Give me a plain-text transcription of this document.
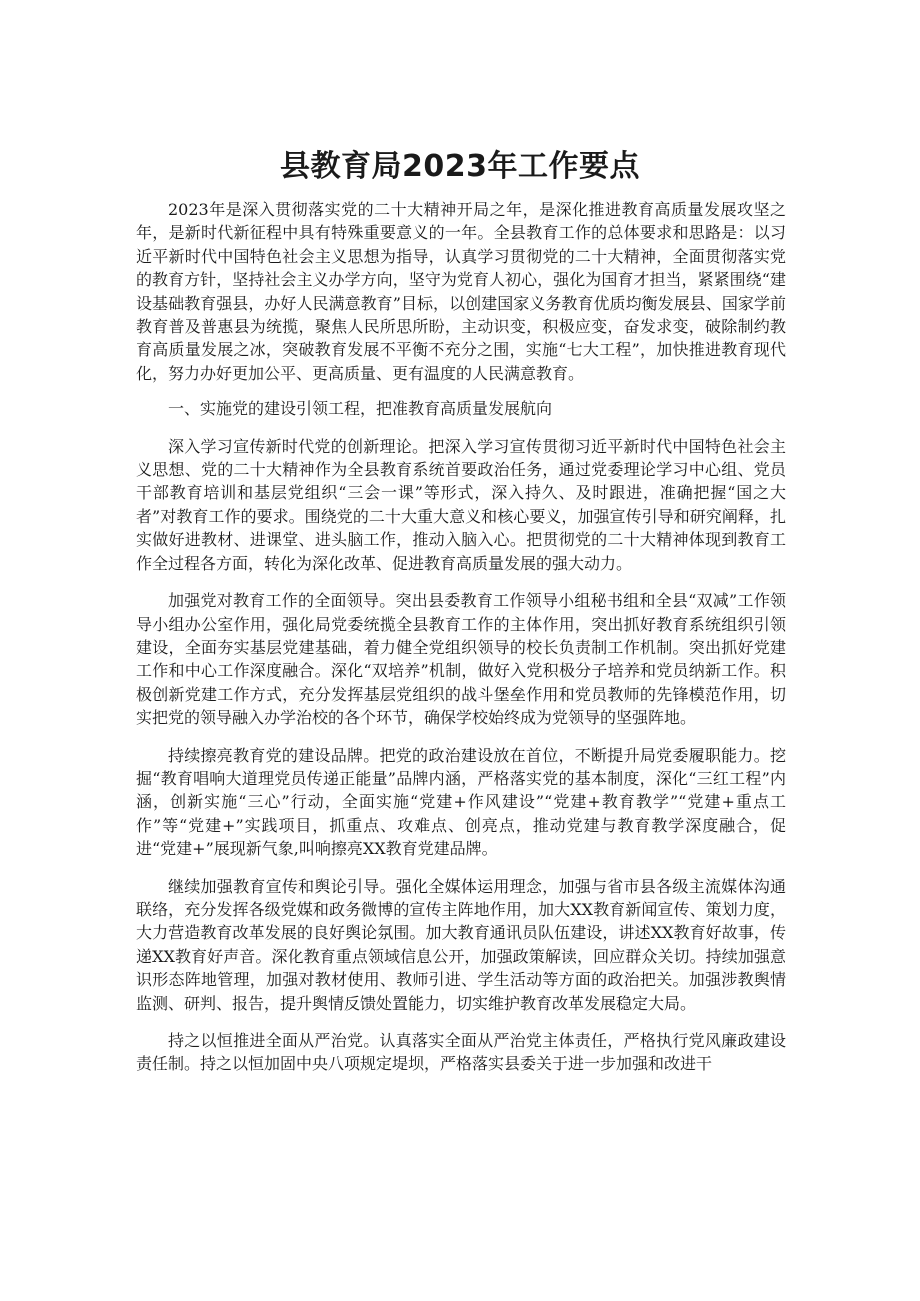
县教育局2023年工作要点

2023年是深入贯彻落实党的二十大精神开局之年，是深化推进教育高质量发展攻坚之年，是新时代新征程中具有特殊重要意义的一年。全县教育工作的总体要求和思路是：以习近平新时代中国特色社会主义思想为指导，认真学习贯彻党的二十大精神，全面贯彻落实党的教育方针，坚持社会主义办学方向，坚守为党育人初心，强化为国育才担当，紧紧围绕“建设基础教育强县，办好人民满意教育”目标，以创建国家义务教育优质均衡发展县、国家学前教育普及普惠县为统揽，聚焦人民所思所盼，主动识变，积极应变，奋发求变，破除制约教育高质量发展之冰，突破教育发展不平衡不充分之围，实施“七大工程”，加快推进教育现代化，努力办好更加公平、更高质量、更有温度的人民满意教育。

一、实施党的建设引领工程，把准教育高质量发展航向

深入学习宣传新时代党的创新理论。把深入学习宣传贯彻习近平新时代中国特色社会主义思想、党的二十大精神作为全县教育系统首要政治任务，通过党委理论学习中心组、党员干部教育培训和基层党组织“三会一课”等形式，深入持久、及时跟进，准确把握“国之大者”对教育工作的要求。围绕党的二十大重大意义和核心要义，加强宣传引导和研究阐释，扎实做好进教材、进课堂、进头脑工作，推动入脑入心。把贯彻党的二十大精神体现到教育工作全过程各方面，转化为深化改革、促进教育高质量发展的强大动力。

加强党对教育工作的全面领导。突出县委教育工作领导小组秘书组和全县“双减”工作领导小组办公室作用，强化局党委统揽全县教育工作的主体作用，突出抓好教育系统组织引领建设，全面夯实基层党建基础，着力健全党组织领导的校长负责制工作机制。突出抓好党建工作和中心工作深度融合。深化“双培养”机制，做好入党积极分子培养和党员纳新工作。积极创新党建工作方式，充分发挥基层党组织的战斗堡垒作用和党员教师的先锋模范作用，切实把党的领导融入办学治校的各个环节，确保学校始终成为党领导的坚强阵地。

持续擦亮教育党的建设品牌。把党的政治建设放在首位，不断提升局党委履职能力。挖掘“教育唱响大道理党员传递正能量”品牌内涵，严格落实党的基本制度，深化“三红工程”内涵，创新实施“三心”行动，全面实施“党建+作风建设”“党建+教育教学”“党建+重点工作”等“党建+”实践项目，抓重点、攻难点、创亮点，推动党建与教育教学深度融合，促进“党建+”展现新气象,叫响擦亮XX教育党建品牌。

继续加强教育宣传和舆论引导。强化全媒体运用理念，加强与省市县各级主流媒体沟通联络，充分发挥各级党媒和政务微博的宣传主阵地作用，加大XX教育新闻宣传、策划力度，大力营造教育改革发展的良好舆论氛围。加大教育通讯员队伍建设，讲述XX教育好故事，传递XX教育好声音。深化教育重点领域信息公开，加强政策解读，回应群众关切。持续加强意识形态阵地管理，加强对教材使用、教师引进、学生活动等方面的政治把关。加强涉教舆情监测、研判、报告，提升舆情反馈处置能力，切实维护教育改革发展稳定大局。

持之以恒推进全面从严治党。认真落实全面从严治党主体责任，严格执行党风廉政建设责任制。持之以恒加固中央八项规定堤坝，严格落实县委关于进一步加强和改进干
